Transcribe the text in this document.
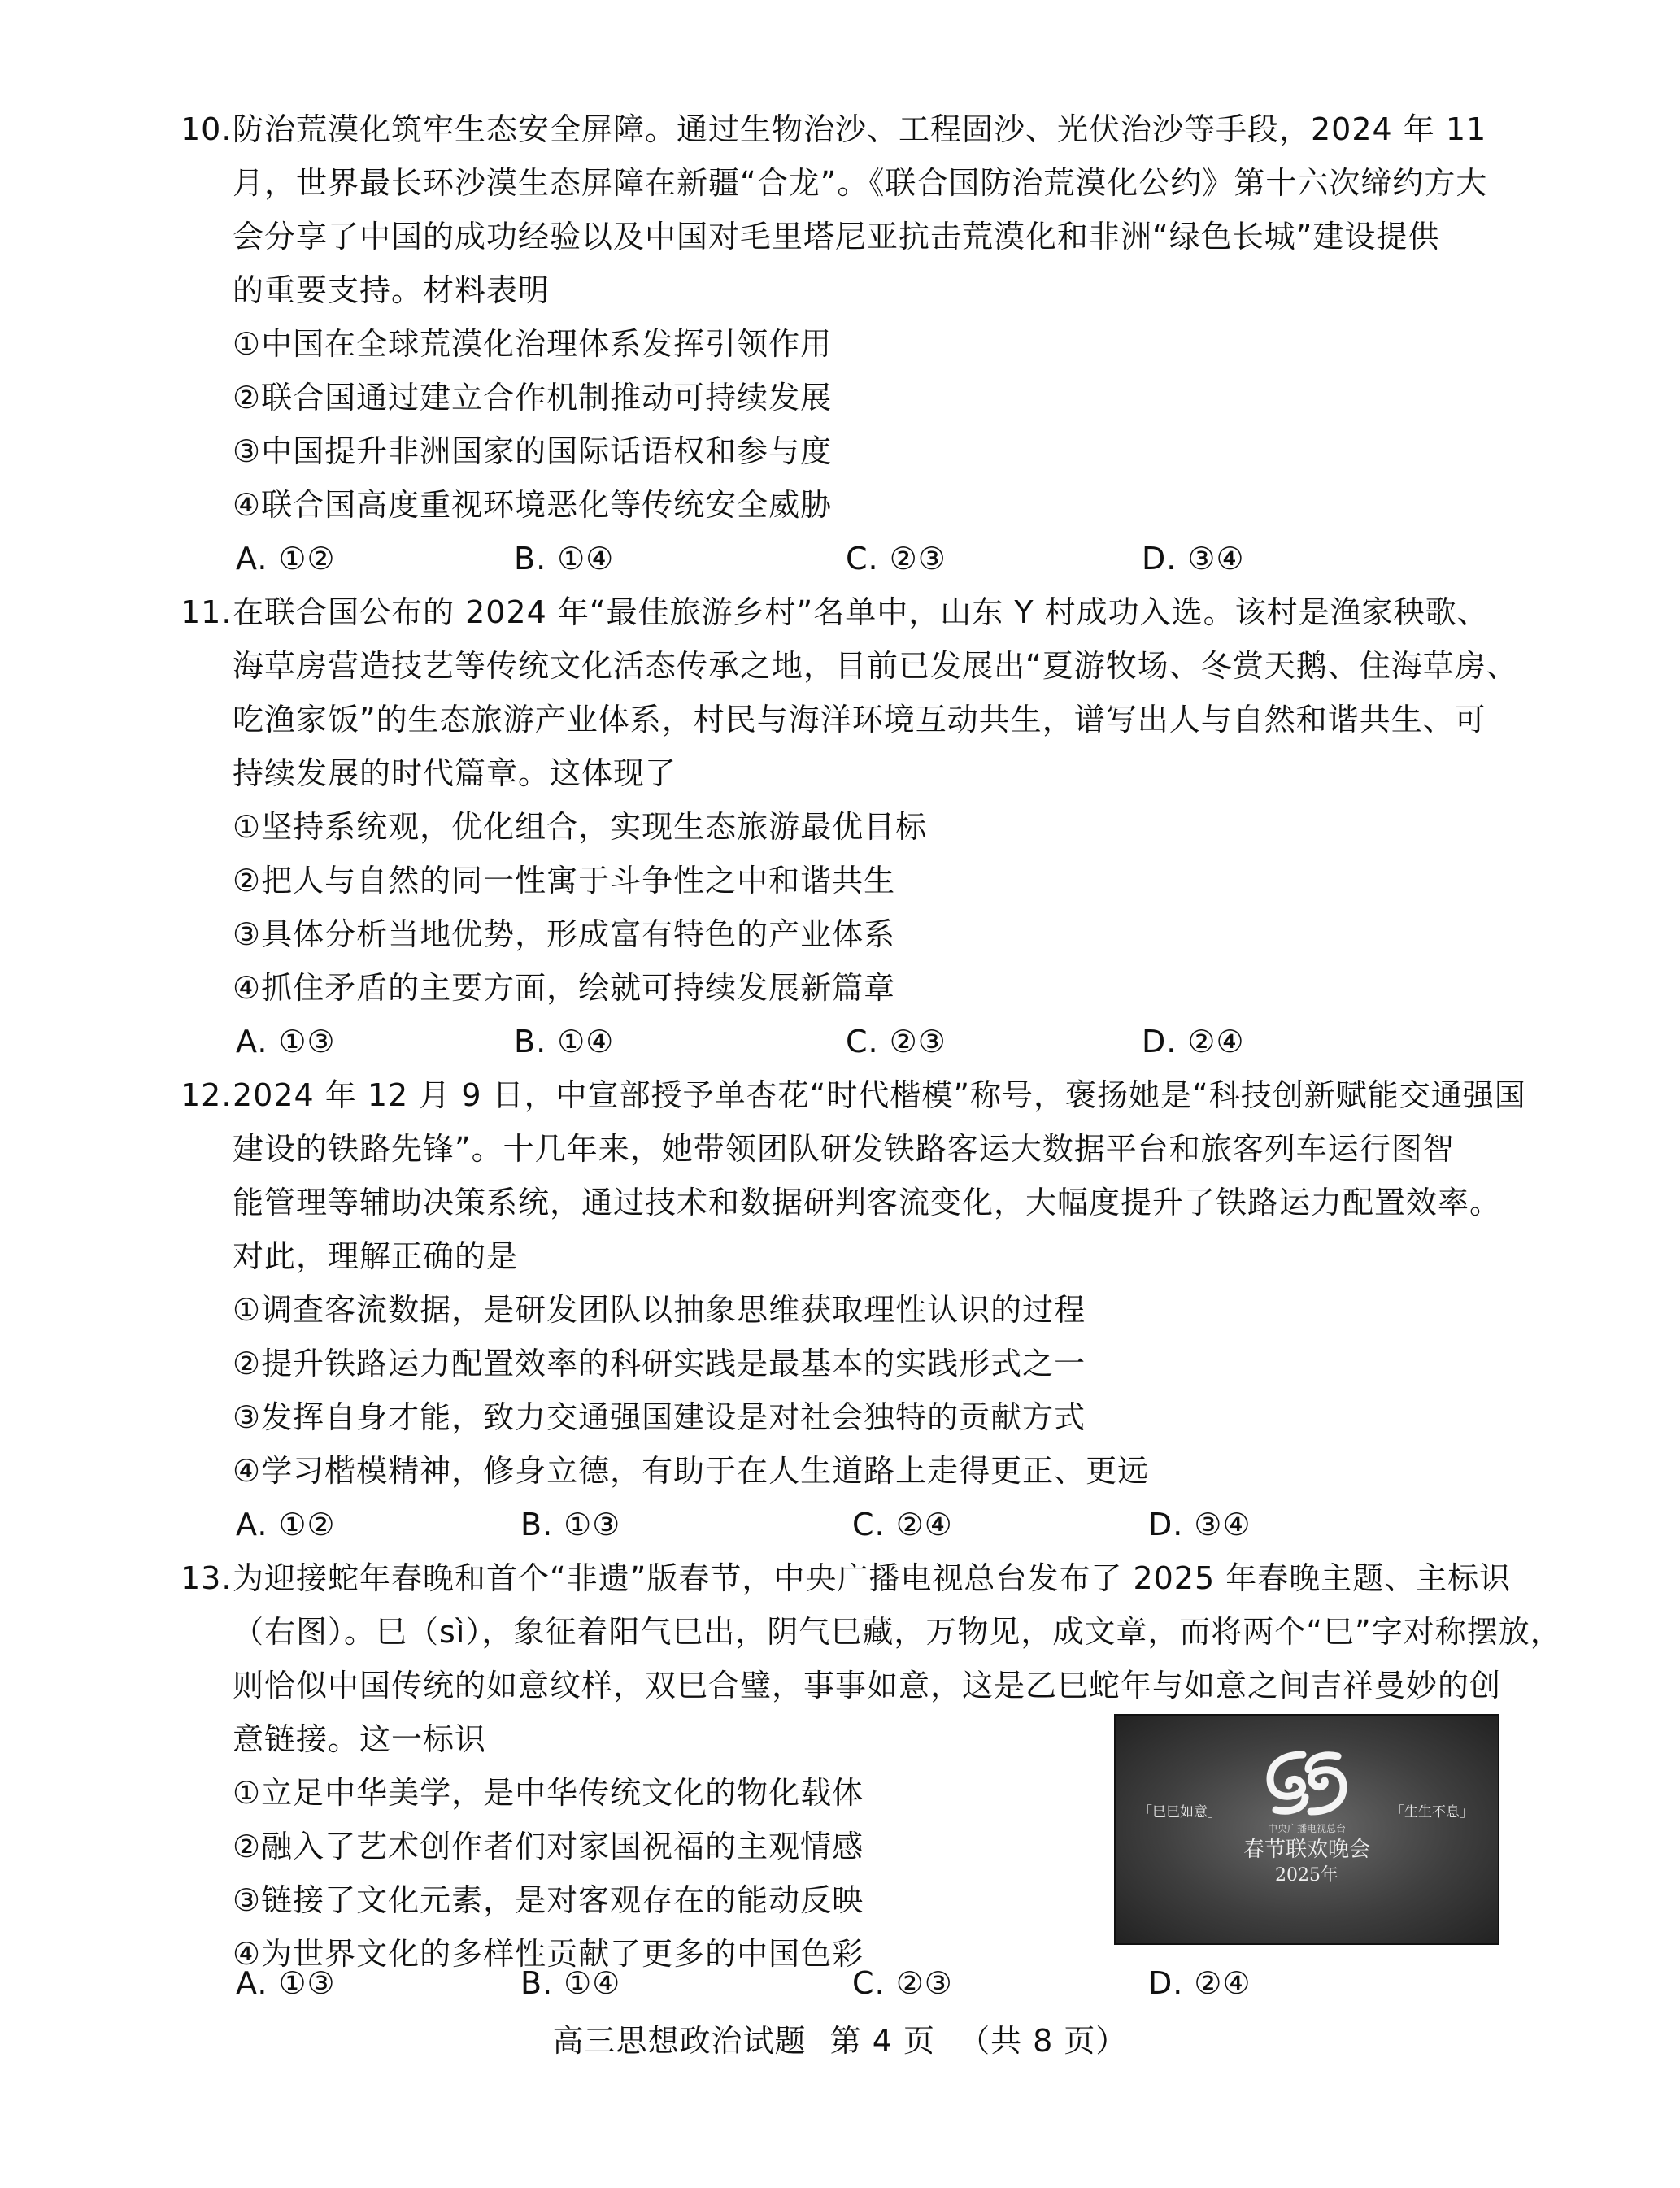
10. 防治荒漠化筑牢生态安全屏障。通过生物治沙、工程固沙、光伏治沙等手段，2024 年 11
月，世界最长环沙漠生态屏障在新疆“合龙”。《联合国防治荒漠化公约》第十六次缔约方大
会分享了中国的成功经验以及中国对毛里塔尼亚抗击荒漠化和非洲“绿色长城”建设提供
的重要支持。材料表明
①中国在全球荒漠化治理体系发挥引领作用
②联合国通过建立合作机制推动可持续发展
③中国提升非洲国家的国际话语权和参与度
④联合国高度重视环境恶化等传统安全威胁
A. ①②	B. ①④	C. ②③	D. ③④
11. 在联合国公布的 2024 年“最佳旅游乡村”名单中，山东 Y 村成功入选。该村是渔家秧歌、
海草房营造技艺等传统文化活态传承之地，目前已发展出“夏游牧场、冬赏天鹅、住海草房、
吃渔家饭”的生态旅游产业体系，村民与海洋环境互动共生，谱写出人与自然和谐共生、可
持续发展的时代篇章。这体现了
①坚持系统观，优化组合，实现生态旅游最优目标
②把人与自然的同一性寓于斗争性之中和谐共生
③具体分析当地优势，形成富有特色的产业体系
④抓住矛盾的主要方面，绘就可持续发展新篇章
A. ①③	B. ①④	C. ②③	D. ②④
12. 2024 年 12 月 9 日，中宣部授予单杏花“时代楷模”称号，褒扬她是“科技创新赋能交通强国
建设的铁路先锋”。十几年来，她带领团队研发铁路客运大数据平台和旅客列车运行图智
能管理等辅助决策系统，通过技术和数据研判客流变化，大幅度提升了铁路运力配置效率。
对此，理解正确的是
①调查客流数据，是研发团队以抽象思维获取理性认识的过程
②提升铁路运力配置效率的科研实践是最基本的实践形式之一
③发挥自身才能，致力交通强国建设是对社会独特的贡献方式
④学习楷模精神，修身立德，有助于在人生道路上走得更正、更远
A. ①②	B. ①③	C. ②④	D. ③④
13. 为迎接蛇年春晚和首个“非遗”版春节，中央广播电视总台发布了 2025 年春晚主题、主标识
（右图）。巳（sì），象征着阳气巳出，阴气巳藏，万物见，成文章，而将两个“巳”字对称摆放，
则恰似中国传统的如意纹样，双巳合璧，事事如意，这是乙巳蛇年与如意之间吉祥曼妙的创
意链接。这一标识
①立足中华美学，是中华传统文化的物化载体
②融入了艺术创作者们对家国祝福的主观情感
③链接了文化元素，是对客观存在的能动反映
④为世界文化的多样性贡献了更多的中国色彩
A. ①③	B. ①④	C. ②③	D. ②④
「巳巳如意」	「生生不息」
中央广播电视总台
春节联欢晚会
2025年
高三思想政治试题 第 4 页 （共 8 页）
